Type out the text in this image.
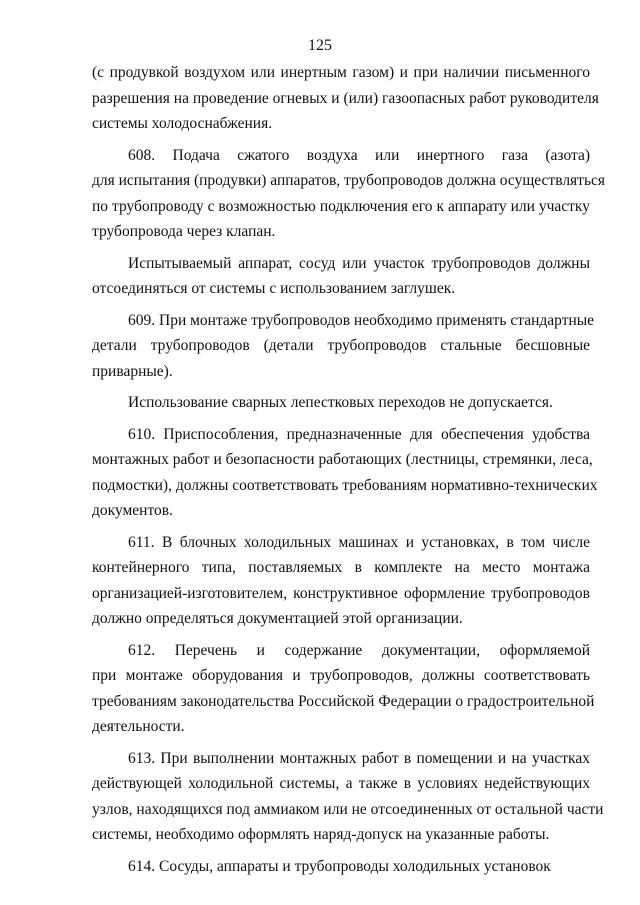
125

(с продувкой воздухом или инертным газом) и при наличии письменного
разрешения на проведение огневых и (или) газоопасных работ руководителя
системы холодоснабжения.

608. Подача сжатого воздуха или инертного газа (азота)
для испытания (продувки) аппаратов, трубопроводов должна осуществляться
по трубопроводу с возможностью подключения его к аппарату или участку
трубопровода через клапан.

Испытываемый аппарат, сосуд или участок трубопроводов должны
отсоединяться от системы с использованием заглушек.

609. При монтаже трубопроводов необходимо применять стандартные
детали трубопроводов (детали трубопроводов стальные бесшовные
приварные).

Использование сварных лепестковых переходов не допускается.

610. Приспособления, предназначенные для обеспечения удобства
монтажных работ и безопасности работающих (лестницы, стремянки, леса,
подмостки), должны соответствовать требованиям нормативно-технических
документов.

611. В блочных холодильных машинах и установках, в том числе
контейнерного типа, поставляемых в комплекте на место монтажа
организацией-изготовителем, конструктивное оформление трубопроводов
должно определяться документацией этой организации.

612. Перечень и содержание документации, оформляемой
при монтаже оборудования и трубопроводов, должны соответствовать
требованиям законодательства Российской Федерации о градостроительной
деятельности.

613. При выполнении монтажных работ в помещении и на участках
действующей холодильной системы, а также в условиях недействующих
узлов, находящихся под аммиаком или не отсоединенных от остальной части
системы, необходимо оформлять наряд-допуск на указанные работы.

614. Сосуды, аппараты и трубопроводы холодильных установок
